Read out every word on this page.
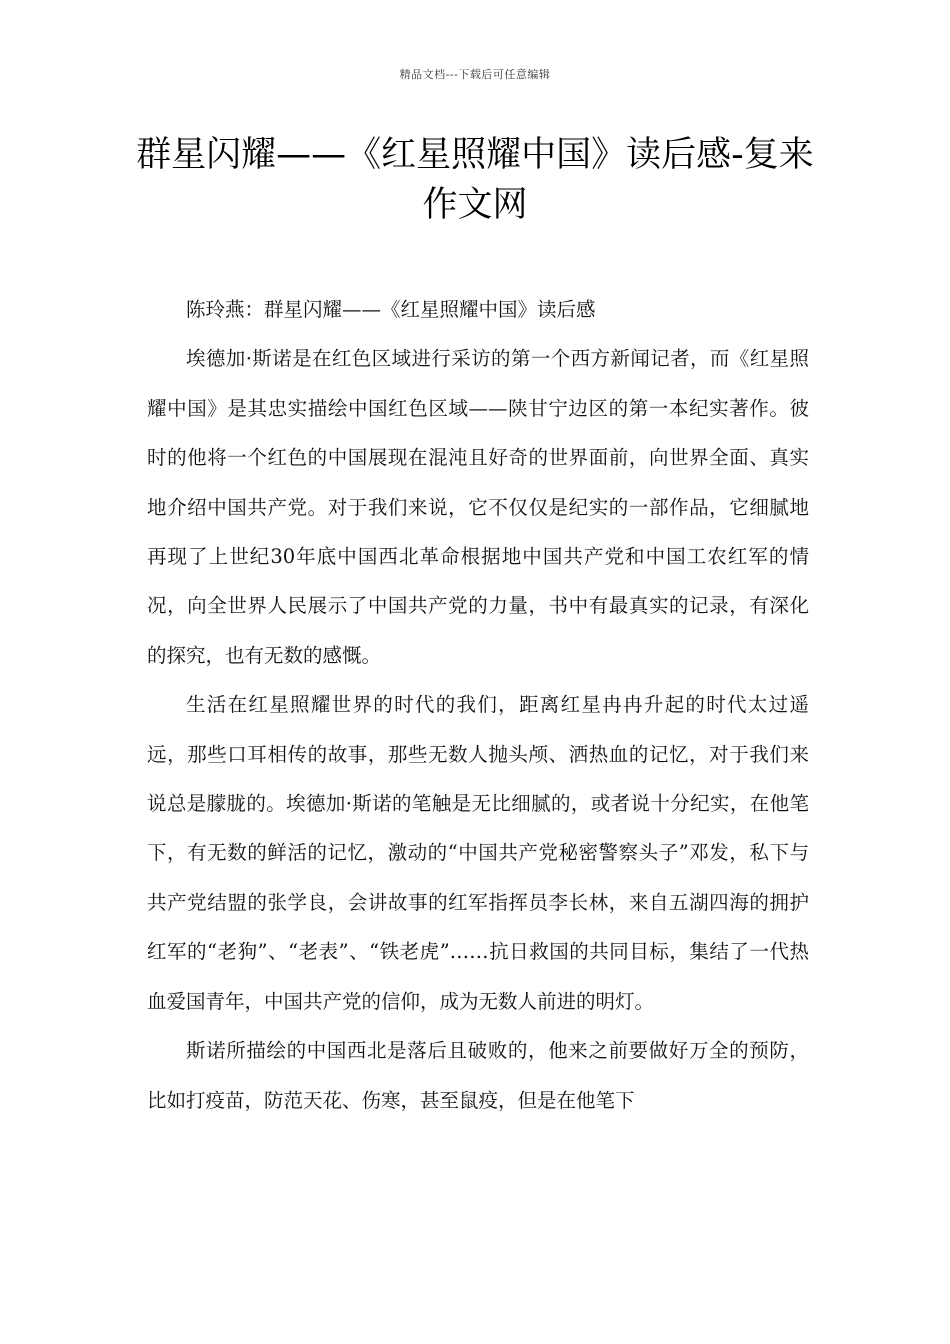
精品文档---下载后可任意编辑
群星闪耀——《红星照耀中国》读后感-复来作文网

陈玲燕：群星闪耀——《红星照耀中国》读后感

埃德加·斯诺是在红色区域进行采访的第一个西方新闻记者，而《红星照耀中国》是其忠实描绘中国红色区域——陕甘宁边区的第一本纪实著作。彼时的他将一个红色的中国展现在混沌且好奇的世界面前，向世界全面、真实地介绍中国共产党。对于我们来说，它不仅仅是纪实的一部作品，它细腻地再现了上世纪30年底中国西北革命根据地中国共产党和中国工农红军的情况，向全世界人民展示了中国共产党的力量，书中有最真实的记录，有深化的探究，也有无数的感慨。

生活在红星照耀世界的时代的我们，距离红星冉冉升起的时代太过遥远，那些口耳相传的故事，那些无数人抛头颅、洒热血的记忆，对于我们来说总是朦胧的。埃德加·斯诺的笔触是无比细腻的，或者说十分纪实，在他笔下，有无数的鲜活的记忆，激动的“中国共产党秘密警察头子”邓发，私下与共产党结盟的张学良，会讲故事的红军指挥员李长林，来自五湖四海的拥护红军的“老狗”、“老表”、“铁老虎”……抗日救国的共同目标，集结了一代热血爱国青年，中国共产党的信仰，成为无数人前进的明灯。

斯诺所描绘的中国西北是落后且破败的，他来之前要做好万全的预防，比如打疫苗，防范天花、伤寒，甚至鼠疫，但是在他笔下
